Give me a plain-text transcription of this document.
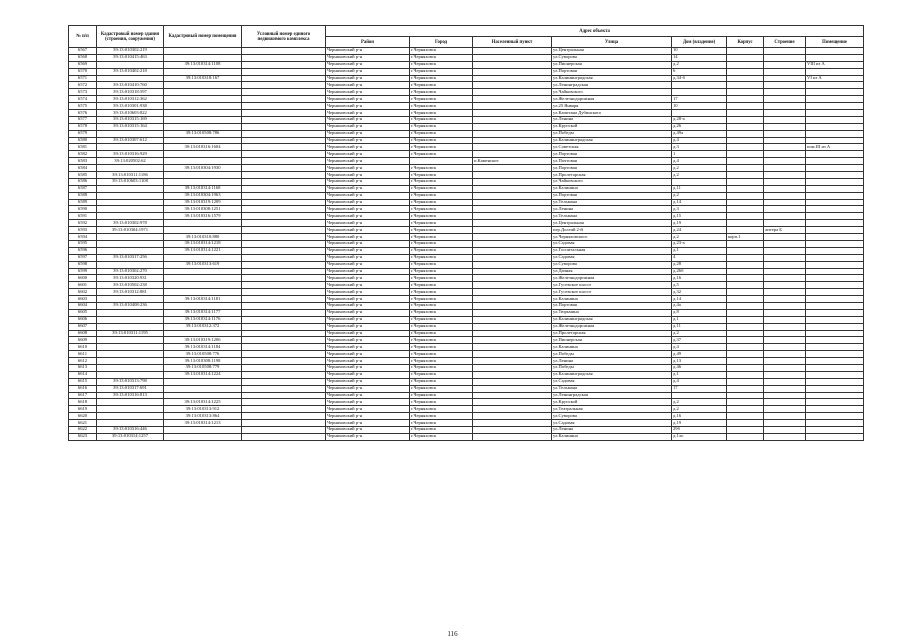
№ п/п	Кадастровый номер здания (строения, сооружения)	Кадастровый номер помещения	Условный номер единого недвижимого комплекса	Адрес объекта							
				Район	Город	Населенный пункт	Улица	Дом (владение)	Корпус	Строение	Помещение
6567	39:13:010302:219			Черняховский р-н	г.Черняховск		ул.Центральная	10			
6568	39:13:010415:463			Черняховский р-н	г.Черняховск		ул.Суворова	14			
6569		39:13:010314:1108		Черняховский р-н	г.Черняховск		ул.Пионерская	д.2			VIII из А
6570	39:13:010402:218			Черняховский р-н	г.Черняховск		ул.Портовая	6			
6571		39:13:010318:167		Черняховский р-н	г.Черняховск		ул.Калининградская	д.34-б			VI из А
6572	39:13:010410:760			Черняховский р-н	г.Черняховск		ул.Ленинградская				
6573	39:13:010318:597			Черняховский р-н	г.Черняховск		ул.Чайковского				
6574	39:13:010312:362			Черняховский р-н	г.Черняховск		ул.Железнодорожная	17			
6575	39:13:010301:938			Черняховский р-н	г.Черняховск		ул.25 Января	10			
6576	39:13:010603:822			Черняховский р-н	г.Черняховск		ул.Капитана Дубинского				
6577	39:13:010315:169			Черняховский р-н	г.Черняховск		ул.Ленина	д.28-а			
6578	39:13:010315:164			Черняховский р-н	г.Черняховск		ул.Крупской	д.26			
6579		39:13:010508:786		Черняховский р-н	г.Черняховск		ул.Победы	д.49а			
6580	39:13:010307:612			Черняховский р-н	г.Черняховск		ул.Калининградская	д.4			
6581		39:13:010316:1604		Черняховский р-н	г.Черняховск		ул.Советская	д.3			пом.III из А
6582	39:13:010316:929			Черняховский р-н	г.Черняховск		ул.Портовая	1			
6583	39:13:020502:62			Черняховский р-н		п.Каменское	ул.Почтовая	д.4			
6584		39:13:010304:1930		Черняховский р-н	г.Черняховск		ул.Портовая	д.2			
6585	39:13:010311:1186			Черняховский р-н	г.Черняховск		ул.Пролетарская	д.2			
6586	39:13:010603:1108			Черняховский р-н	г.Черняховск		ул.Чайковского				
6587		39:13:010314:1168		Черняховский р-н	г.Черняховск		ул.Калинина	д.11			
6588		39:13:010304:1963		Черняховский р-н	г.Черняховск		ул.Портовая	д.2			
6589		39:13:010319:1209		Черняховский р-н	г.Черняховск		ул.Тельмана	д.14			
6590		39:13:010308:1251		Черняховский р-н	г.Черняховск		ул.Ленина	д.3			
6591		39:13:010316:1579		Черняховский р-н	г.Черняховск		ул.Тельмана	д.15			
6592	39:13:010302:978			Черняховский р-н	г.Черняховск		ул.Центральная	д.19			
6593	39:13:010304:1971			Черняховский р-н	г.Черняховск		пер.Долгий 2-й	д.24		литера Б	
6594		39:13:010310:880		Черняховский р-н	г.Черняховск		ул.Черняховского	д.2	корп.1		
6595		39:13:010314:1218		Черняховский р-н	г.Черняховск		ул.Садовая	д.23-а			
6596		39:13:010314:1221		Черняховский р-н	г.Черняховск		ул.Госпитальная	д.1			
6597	39:13:010317:256			Черняховский р-н	г.Черняховск		ул.Садовая	4			
6598		39:13:010313:619		Черняховский р-н	г.Черняховск		ул.Суворова	д.28			
6599	39:13:010302:270			Черняховский р-н	г.Черняховск		ул.Дачная	д.26б			
6600	39:13:010320:931			Черняховский р-н	г.Черняховск		ул.Железнодорожная	д.16			
6601	39:13:010502:238			Черняховский р-н	г.Черняховск		ул.Гусевское шоссе	д.5			
6602	39:13:010312:881			Черняховский р-н	г.Черняховск		ул.Гусевское шоссе	д.32			
6603		39:13:010314:1181		Черняховский р-н	г.Черняховск		ул.Калинина	д.14			
6604	39:13:010408:236			Черняховский р-н	г.Черняховск		ул.Портовая	д.4а			
6605		39:13:010314:1177		Черняховский р-н	г.Черняховск		ул.Тюрьмина	д.8			
6606		39:13:010314:1176		Черняховский р-н	г.Черняховск		ул.Калининградская	д.1			
6607		39:13:010312:372		Черняховский р-н	г.Черняховск		ул.Железнодорожная	д.11			
6608	39:13:010311:1195			Черняховский р-н	г.Черняховск		ул.Пролетарская	д.2			
6609		39:13:010319:1206		Черняховский р-н	г.Черняховск		ул.Пионерская	д.37			
6610		39:13:010314:1184		Черняховский р-н	г.Черняховск		ул.Калинина	д.4			
6611		39:13:010508:776		Черняховский р-н	г.Черняховск		ул.Победы	д.49			
6612		39:13:010308:1198		Черняховский р-н	г.Черняховск		ул.Ленина	д.13			
6613		39:13:010508:779		Черняховский р-н	г.Черняховск		ул.Победы	д.46			
6614		39:13:010314:1224		Черняховский р-н	г.Черняховск		ул.Калининградская	д.1			
6615	39:13:010313:798			Черняховский р-н	г.Черняховск		ул.Садовая	д.4			
6616	39:13:010317:691			Черняховский р-н	г.Черняховск		ул.Тельмана	17			
6617	39:13:010316:813			Черняховский р-н	г.Черняховск		ул.Ленинградская				
6618		39:13:010314:1225		Черняховский р-н	г.Черняховск		ул.Крупской	д.2			
6619		39:13:010313:912		Черняховский р-н	г.Черняховск		ул.Театральная	д.2			
6620		39:13:010313:864		Черняховский р-н	г.Черняховск		ул.Суворова	д.16			
6621		39:13:010314:1213		Черняховский р-н	г.Черняховск		ул.Садовая	д.19			
6622	39:13:010316:446			Черняховский р-н	г.Черняховск		ул.Ленина	29б			
6623	39:13:010314:1257			Черняховский р-н	г.Черняховск		ул.Калинина	д.1ло			
116
